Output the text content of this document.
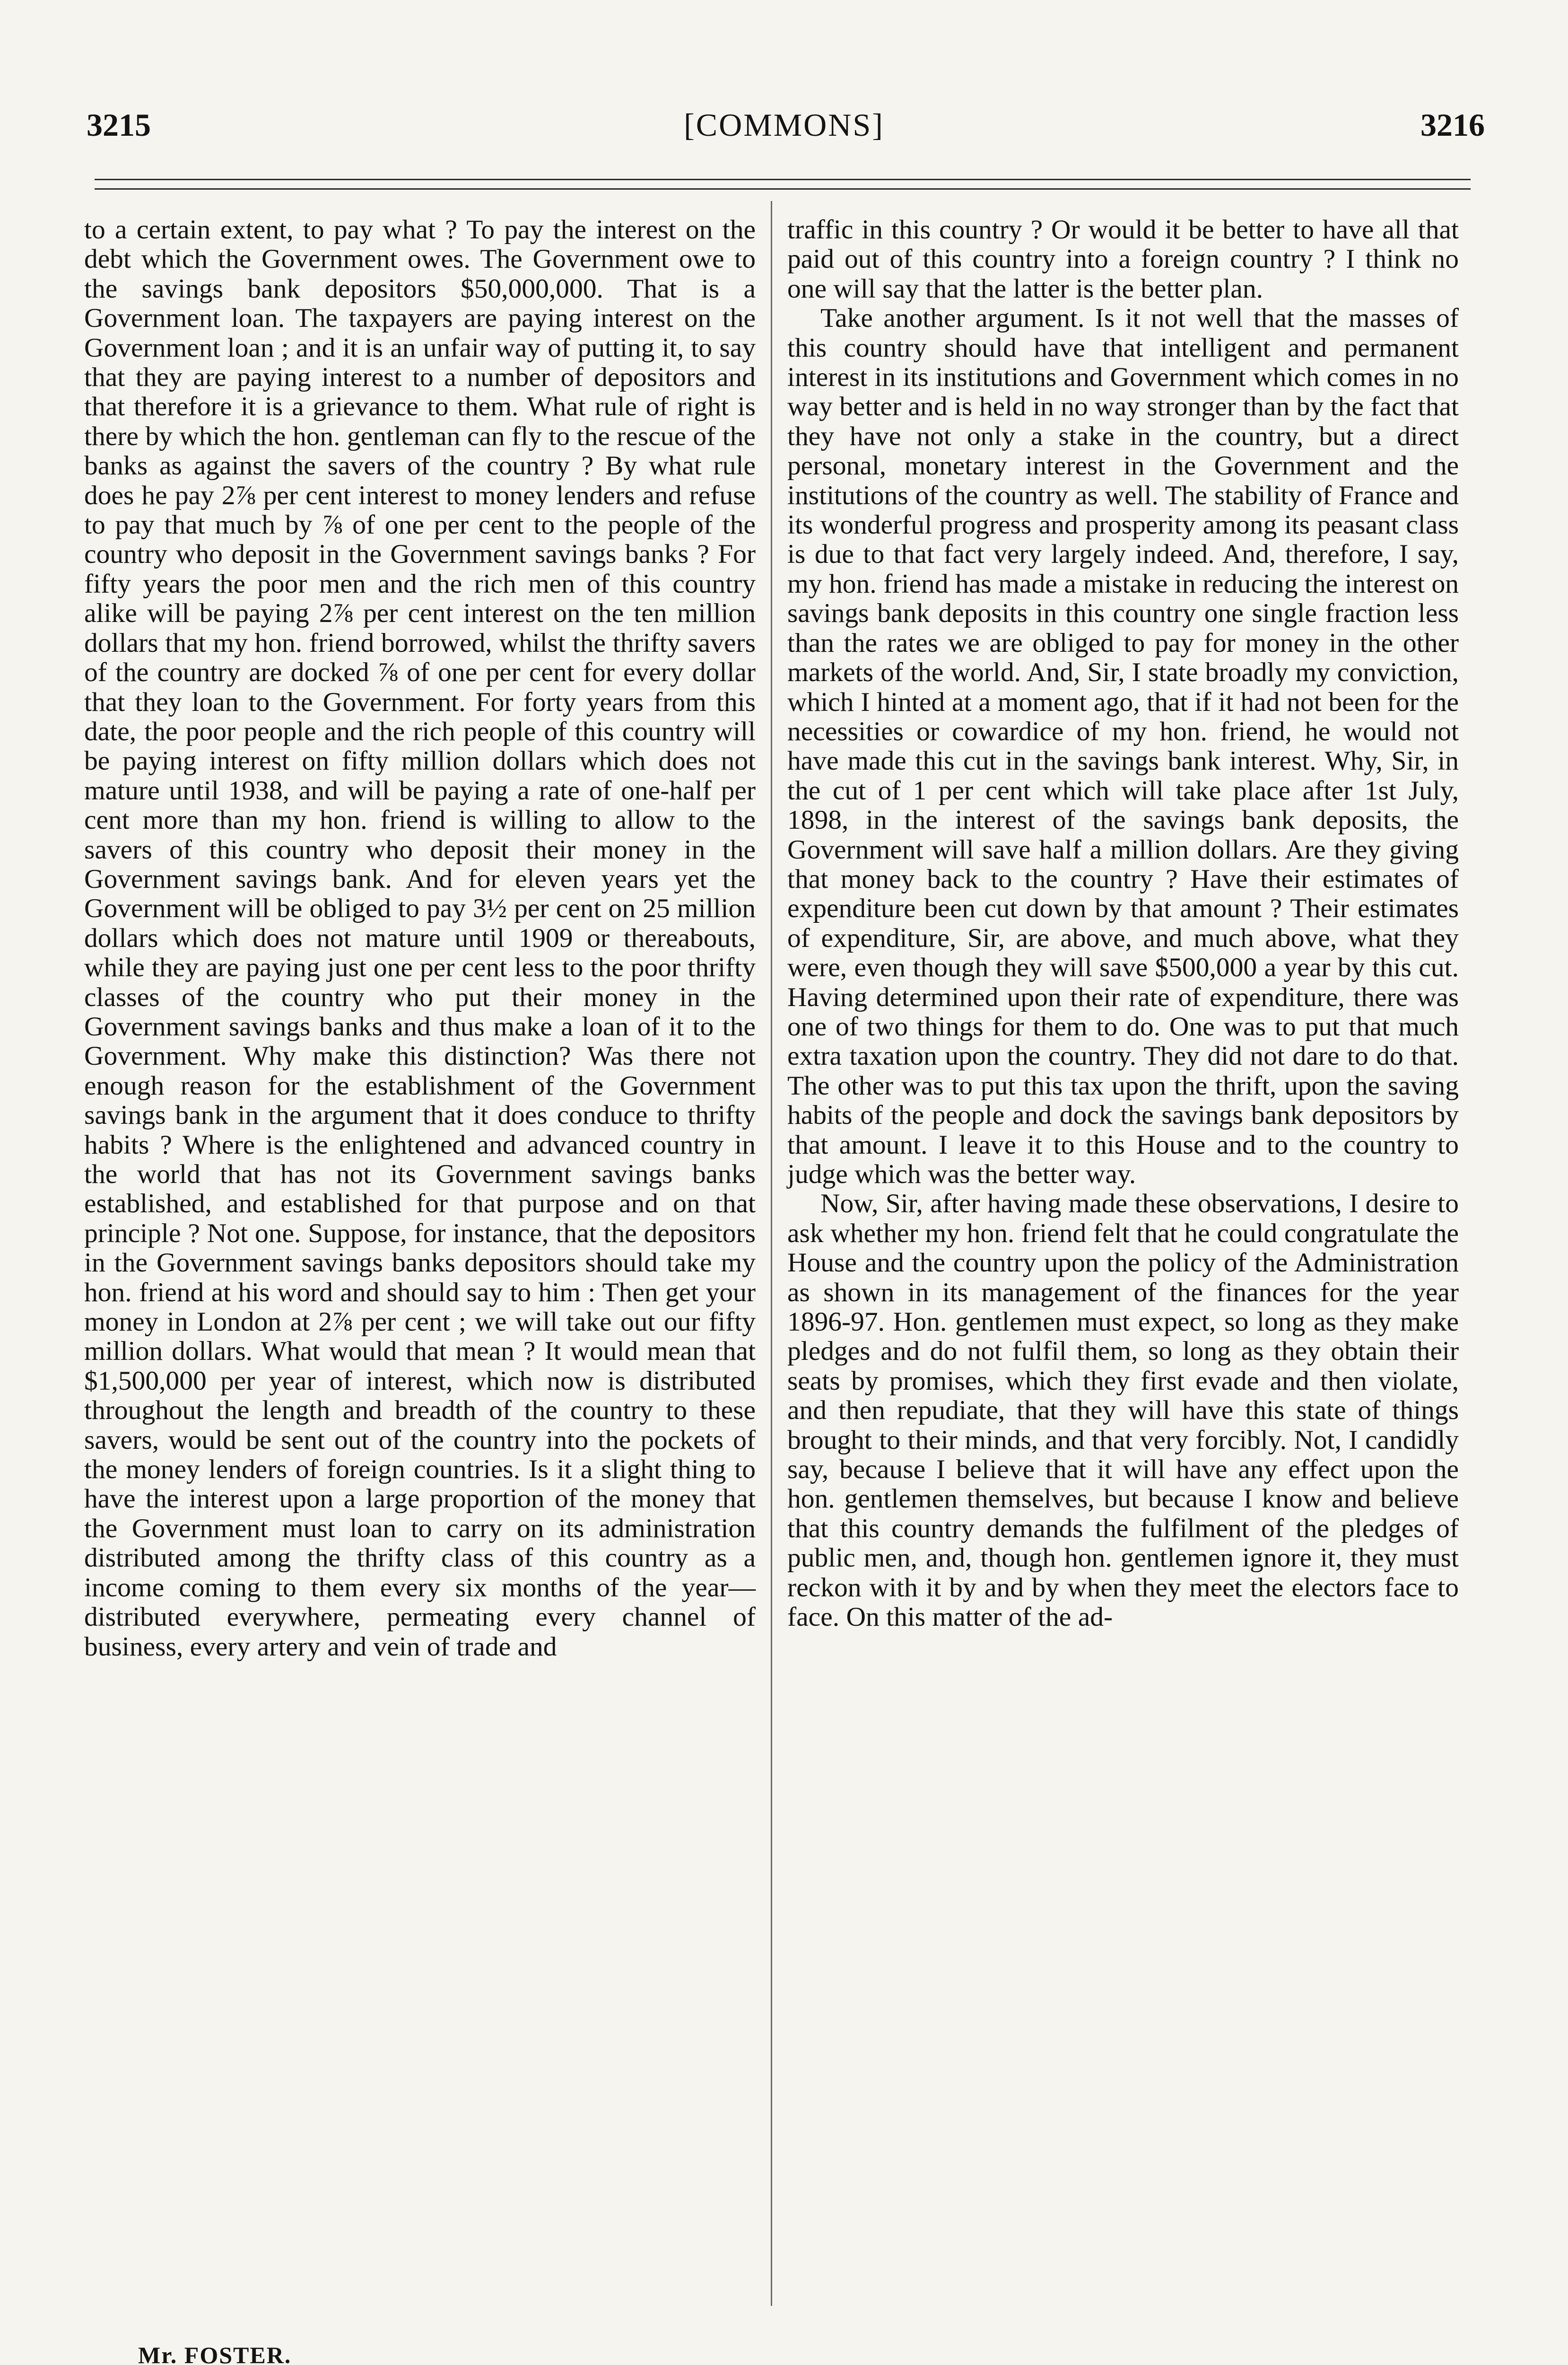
3215	[COMMONS]	3216

to a certain extent, to pay what ? To pay the interest on the debt which the Government owes. The Government owe to the savings bank depositors $50,000,000. That is a Government loan. The taxpayers are paying interest on the Government loan ; and it is an unfair way of putting it, to say that they are paying interest to a number of depositors and that therefore it is a grievance to them. What rule of right is there by which the hon. gentleman can fly to the rescue of the banks as against the savers of the country ? By what rule does he pay 2⅞ per cent interest to money lenders and refuse to pay that much by ⅞ of one per cent to the people of the country who deposit in the Government savings banks ? For fifty years the poor men and the rich men of this country alike will be paying 2⅞ per cent interest on the ten million dollars that my hon. friend borrowed, whilst the thrifty savers of the country are docked ⅞ of one per cent for every dollar that they loan to the Government. For forty years from this date, the poor people and the rich people of this country will be paying interest on fifty million dollars which does not mature until 1938, and will be paying a rate of one-half per cent more than my hon. friend is willing to allow to the savers of this country who deposit their money in the Government savings bank. And for eleven years yet the Government will be obliged to pay 3½ per cent on 25 million dollars which does not mature until 1909 or thereabouts, while they are paying just one per cent less to the poor thrifty classes of the country who put their money in the Government savings banks and thus make a loan of it to the Government. Why make this distinction? Was there not enough reason for the establishment of the Government savings bank in the argument that it does conduce to thrifty habits ? Where is the enlightened and advanced country in the world that has not its Government savings banks established, and established for that purpose and on that principle ? Not one. Suppose, for instance, that the depositors in the Government savings banks depositors should take my hon. friend at his word and should say to him : Then get your money in London at 2⅞ per cent ; we will take out our fifty million dollars. What would that mean ? It would mean that $1,500,000 per year of interest, which now is distributed throughout the length and breadth of the country to these savers, would be sent out of the country into the pockets of the money lenders of foreign countries. Is it a slight thing to have the interest upon a large proportion of the money that the Government must loan to carry on its administration distributed among the thrifty class of this country as a income coming to them every six months of the year—distributed everywhere, permeating every channel of business, every artery and vein of trade and

traffic in this country ? Or would it be better to have all that paid out of this country into a foreign country ? I think no one will say that the latter is the better plan.

Take another argument. Is it not well that the masses of this country should have that intelligent and permanent interest in its institutions and Government which comes in no way better and is held in no way stronger than by the fact that they have not only a stake in the country, but a direct personal, monetary interest in the Government and the institutions of the country as well. The stability of France and its wonderful progress and prosperity among its peasant class is due to that fact very largely indeed. And, therefore, I say, my hon. friend has made a mistake in reducing the interest on savings bank deposits in this country one single fraction less than the rates we are obliged to pay for money in the other markets of the world. And, Sir, I state broadly my conviction, which I hinted at a moment ago, that if it had not been for the necessities or cowardice of my hon. friend, he would not have made this cut in the savings bank interest. Why, Sir, in the cut of 1 per cent which will take place after 1st July, 1898, in the interest of the savings bank deposits, the Government will save half a million dollars. Are they giving that money back to the country ? Have their estimates of expenditure been cut down by that amount ? Their estimates of expenditure, Sir, are above, and much above, what they were, even though they will save $500,000 a year by this cut. Having determined upon their rate of expenditure, there was one of two things for them to do. One was to put that much extra taxation upon the country. They did not dare to do that. The other was to put this tax upon the thrift, upon the saving habits of the people and dock the savings bank depositors by that amount. I leave it to this House and to the country to judge which was the better way.

Now, Sir, after having made these observations, I desire to ask whether my hon. friend felt that he could congratulate the House and the country upon the policy of the Administration as shown in its management of the finances for the year 1896-97. Hon. gentlemen must expect, so long as they make pledges and do not fulfil them, so long as they obtain their seats by promises, which they first evade and then violate, and then repudiate, that they will have this state of things brought to their minds, and that very forcibly. Not, I candidly say, because I believe that it will have any effect upon the hon. gentlemen themselves, but because I know and believe that this country demands the fulfilment of the pledges of public men, and, though hon. gentlemen ignore it, they must reckon with it by and by when they meet the electors face to face. On this matter of the ad-

Mr. FOSTER.
